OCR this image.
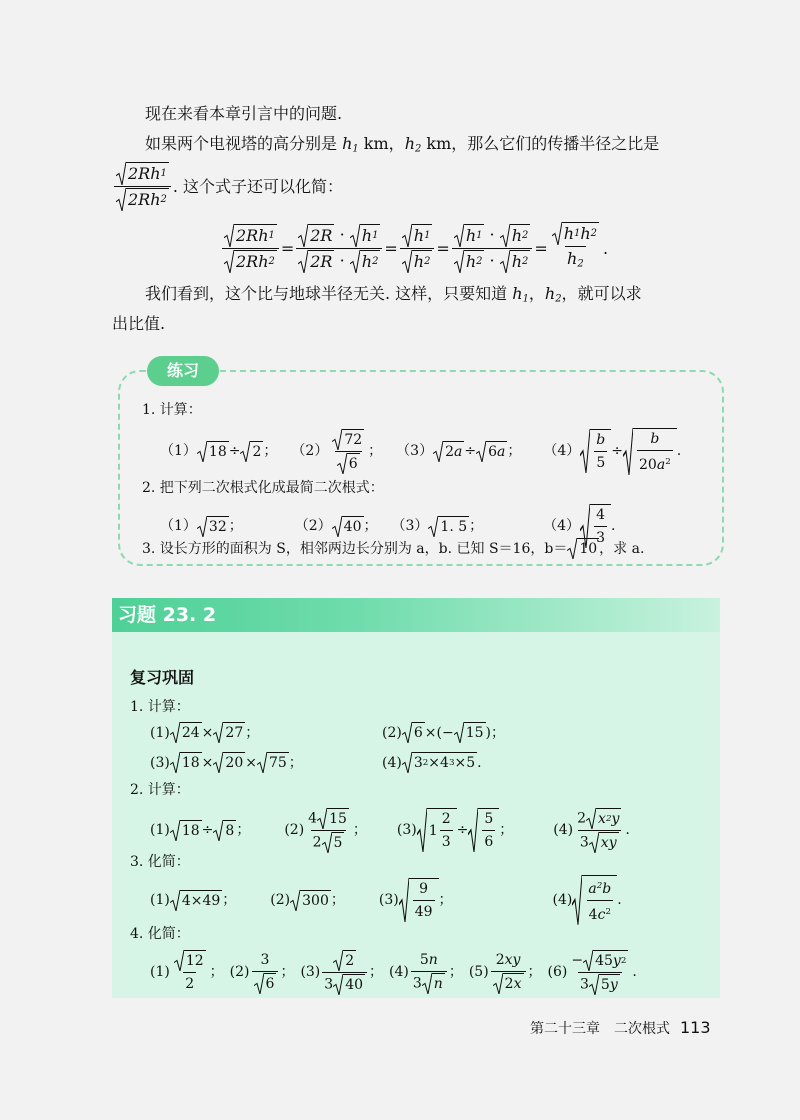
现在来看本章引言中的问题.
如果两个电视塔的高分别是 $h_1$ km，$h_2$ km，那么它们的传播半径之比是
$\frac{2Rh 1}{2Rh 2}$ . 这个式子还可以化简：
$\frac{2Rh 1}{2Rh 2} = \frac{2R \cdot h 1}{2R \cdot h 2} = \frac{h 1}{h 2} = \frac{h 1 \cdot h 2}{h 2 \cdot h 2} = \frac{h 1 h 2}{h_2}$ .
我们看到，这个比与地球半径无关. 这样，只要知道 $h_1$，$h_2$，就可以求
出比值.
练习
1. 计算：
（1） 18 ÷ 2 ； $(2) \frac{72}{6}$ ； （3） 2 a ÷ 6 a ； $(4) \frac{b}{5} \div \frac{b}{20a^2}$ .
2. 把下列二次根式化成最简二次根式：
（1） 32 ；	（2） 40 ； （3） 1. 5 ；	$(4) \frac{4}{3}$ .
3. 设长方形的面积为 S，相邻两边长分别为 a，b. 已知 S＝16，b＝ 10 ，求 a.
习题 23. 2
复习巩固
1. 计算：
(1) 24 × 27 ；	(2) 6 ×(− 15 )；
(3) 18 × 20 × 75 ；	(4) 3 2 ×4 3 ×5 .
2. 计算：
(1) 18 ÷ 8 ； $(2) \frac{4 15}{2 5}$ ； (3) $1 \frac{2}{3} \div \frac{5}{6}$ ；	$(4) \frac{2 x 2 y}{3 xy}$ .
3. 化简：
(1) 4×49 ； (2) 300 ； $(3) \frac{9}{49}$ ；	$(4) \frac{a^2b}{4c^2}$ .
4. 化简：
$(1) \frac{12}{2}$ ； $(2) \frac{3}{6}$ ； $(3) \frac{2}{3 40}$ ； $(4) \frac{5n}{3 n}$ ； $(5) \frac{2xy}{2 x}$ ； $(6) \frac{- 45 y 2}{3 5 y}$ .
第二十三章　二次根式 113
